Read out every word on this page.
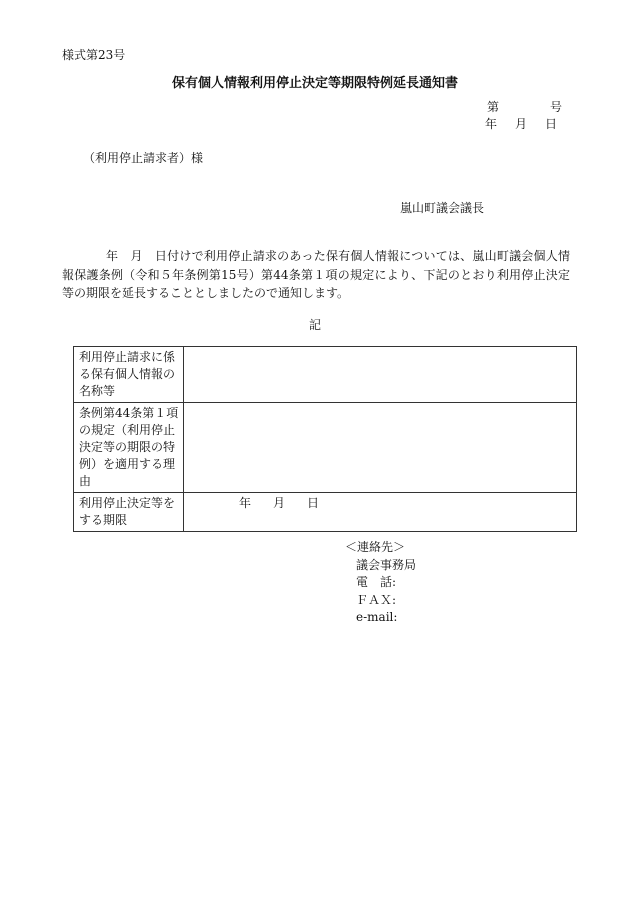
様式第23号
保有個人情報利用停止決定等期限特例延長通知書
第	号
年 月 日
（利用停止請求者）様
嵐山町議会議長
年　月　日付けで利用停止請求のあった保有個人情報については、嵐山町議会個人情報保護条例（令和５年条例第15号）第44条第１項の規定により、下記のとおり利用停止決定等の期限を延長することとしましたので通知します。
記
利用停止請求に係る保有個人情報の名称等	
条例第44条第１項の規定（利用停止決定等の期限の特例）を適用する理由	
利用停止決定等をする期限	年 月 日
＜連絡先＞
議会事務局
電　話:
ＦＡＸ:
e-mail:
